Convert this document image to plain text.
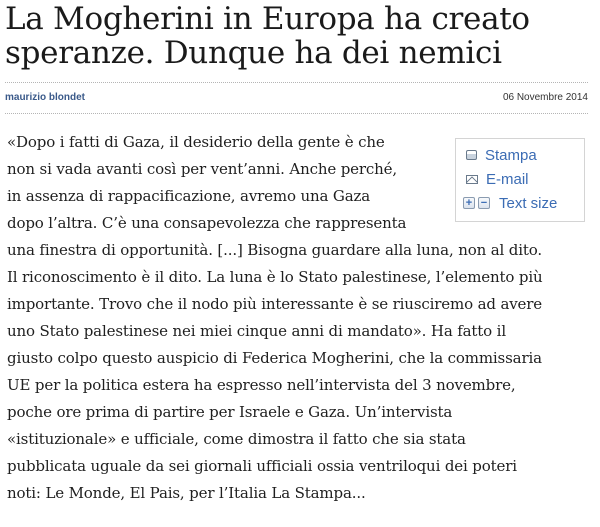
La Mogherini in Europa ha creato
speranze. Dunque ha dei nemici
maurizio blondet	06 Novembre 2014
Stampa
E-mail
+ − Text size
«Dopo i fatti di Gaza, il desiderio della gente è che
non si vada avanti così per vent’anni. Anche perché,
in assenza di rappacificazione, avremo una Gaza
dopo l’altra. C’è una consapevolezza che rappresenta
una finestra di opportunità. [...] Bisogna guardare alla luna, non al dito.
Il riconoscimento è il dito. La luna è lo Stato palestinese, l’elemento più
importante. Trovo che il nodo più interessante è se riusciremo ad avere
uno Stato palestinese nei miei cinque anni di mandato». Ha fatto il
giusto colpo questo auspicio di Federica Mogherini, che la commissaria
UE per la politica estera ha espresso nell’intervista del 3 novembre,
poche ore prima di partire per Israele e Gaza. Un’intervista
«istituzionale» e ufficiale, come dimostra il fatto che sia stata
pubblicata uguale da sei giornali ufficiali ossia ventriloqui dei poteri
noti: Le Monde, El Pais, per l’Italia La Stampa...
